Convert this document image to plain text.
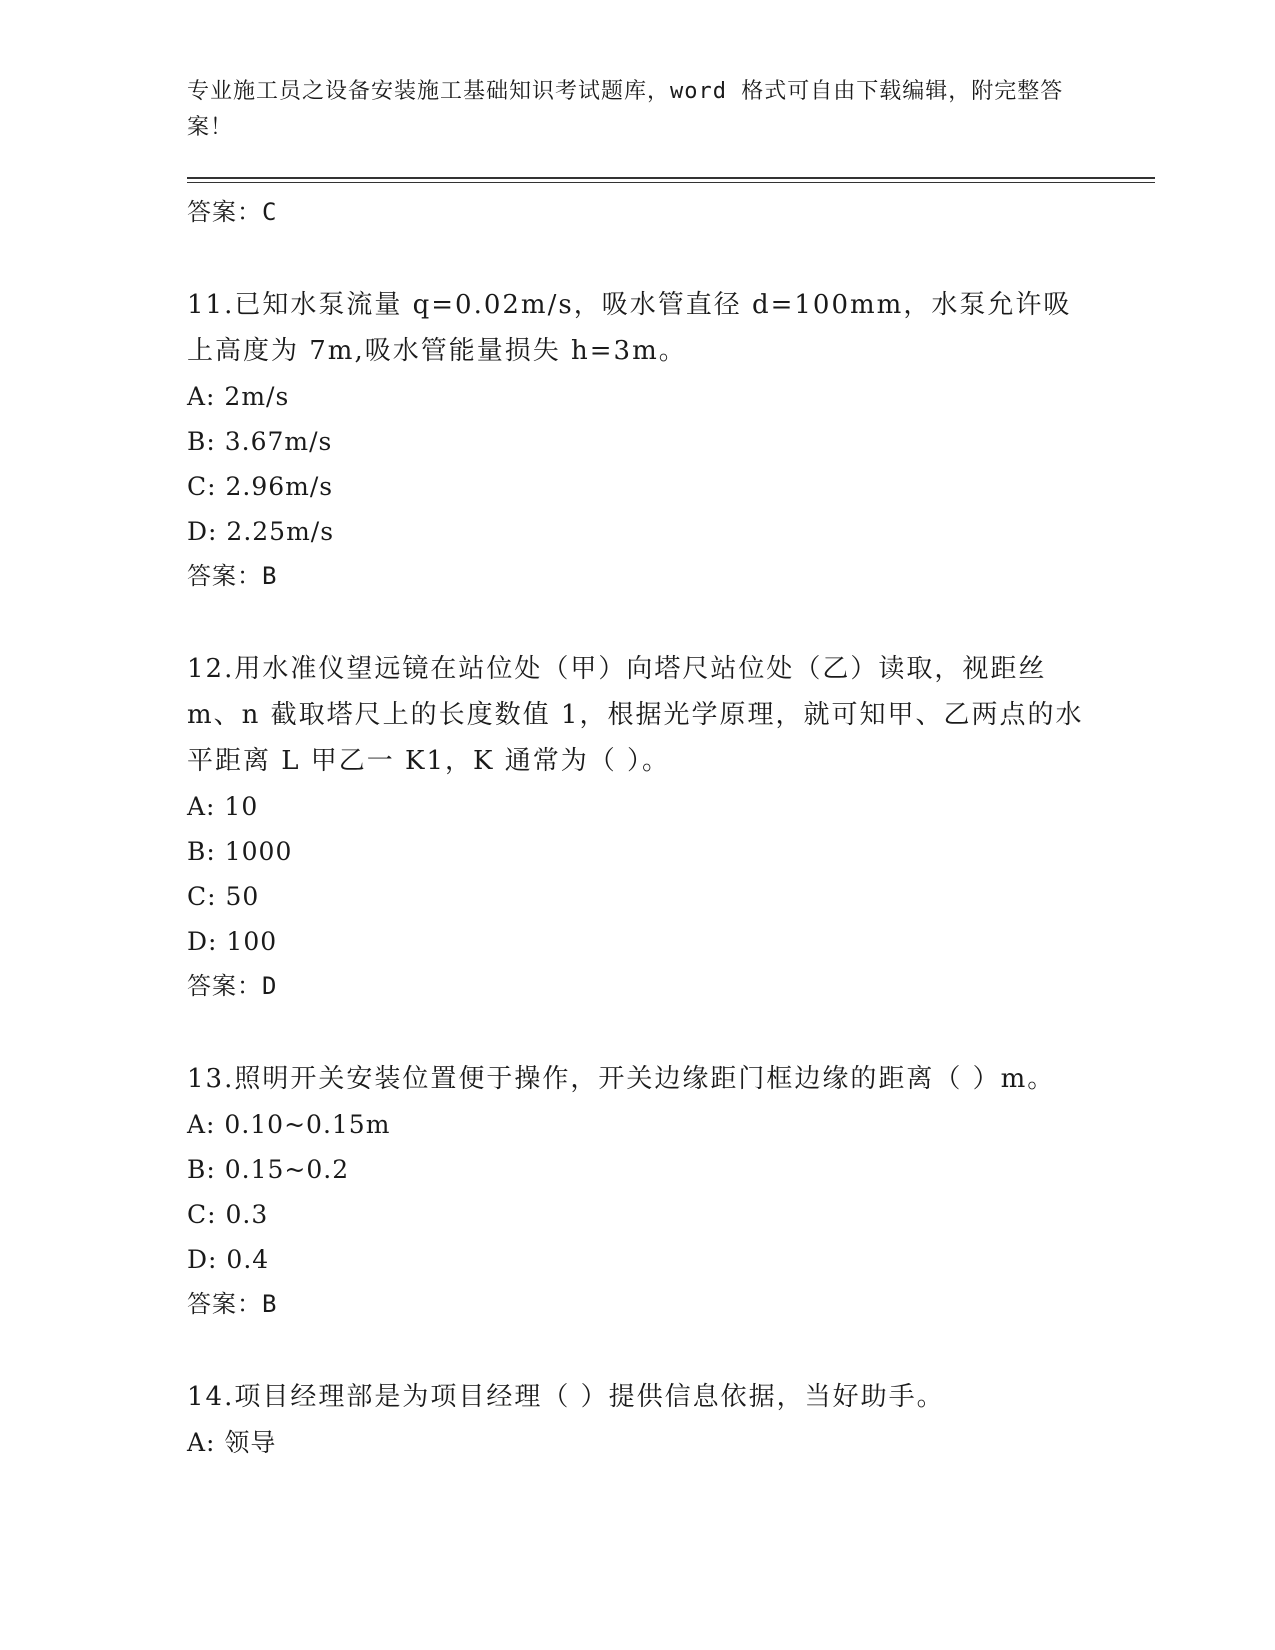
专业施工员之设备安装施工基础知识考试题库，word 格式可自由下载编辑，附完整答案！
答案：C
11.已知水泵流量 q=0.02m/s，吸水管直径 d=100mm，水泵允许吸上高度为 7m,吸水管能量损失 h=3m。
A: 2m/s
B: 3.67m/s
C: 2.96m/s
D: 2.25m/s
答案：B
12.用水准仪望远镜在站位处（甲）向塔尺站位处（乙）读取，视距丝 m、n 截取塔尺上的长度数值 1，根据光学原理，就可知甲、乙两点的水平距离 L 甲乙一 K1，K 通常为（ ）。
A: 10
B: 1000
C: 50
D: 100
答案：D
13.照明开关安装位置便于操作，开关边缘距门框边缘的距离（ ）m。
A: 0.10~0.15m
B: 0.15~0.2
C: 0.3
D: 0.4
答案：B
14.项目经理部是为项目经理（ ）提供信息依据，当好助手。
A: 领导
